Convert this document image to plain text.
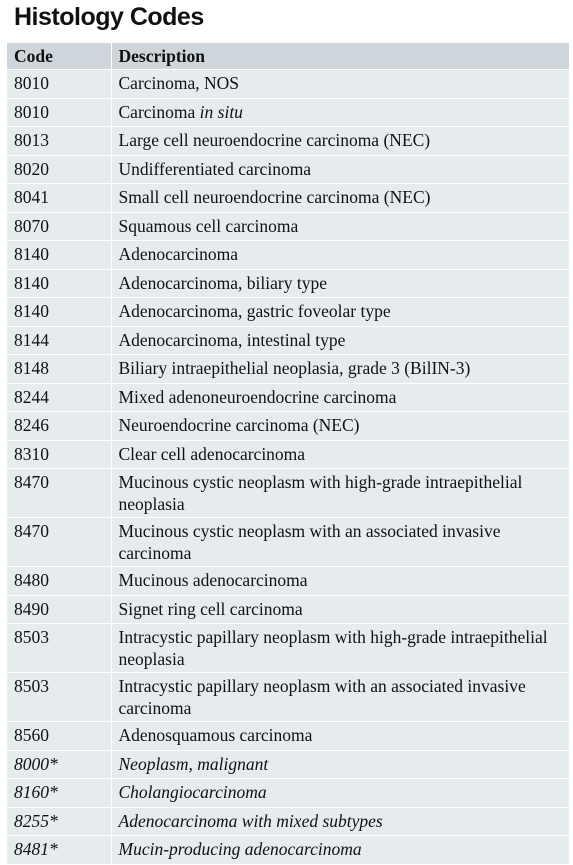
Histology Codes
Code	Description
8010	Carcinoma, NOS
8010	Carcinoma in situ
8013	Large cell neuroendocrine carcinoma (NEC)
8020	Undifferentiated carcinoma
8041	Small cell neuroendocrine carcinoma (NEC)
8070	Squamous cell carcinoma
8140	Adenocarcinoma
8140	Adenocarcinoma, biliary type
8140	Adenocarcinoma, gastric foveolar type
8144	Adenocarcinoma, intestinal type
8148	Biliary intraepithelial neoplasia, grade 3 (BilIN-3)
8244	Mixed adenoneuroendocrine carcinoma
8246	Neuroendocrine carcinoma (NEC)
8310	Clear cell adenocarcinoma
8470	Mucinous cystic neoplasm with high-grade intraepithelial neoplasia
8470	Mucinous cystic neoplasm with an associated invasive carcinoma
8480	Mucinous adenocarcinoma
8490	Signet ring cell carcinoma
8503	Intracystic papillary neoplasm with high-grade intraepithelial neoplasia
8503	Intracystic papillary neoplasm with an associated invasive carcinoma
8560	Adenosquamous carcinoma
8000*	Neoplasm, malignant
8160*	Cholangiocarcinoma
8255*	Adenocarcinoma with mixed subtypes
8481*	Mucin-producing adenocarcinoma
